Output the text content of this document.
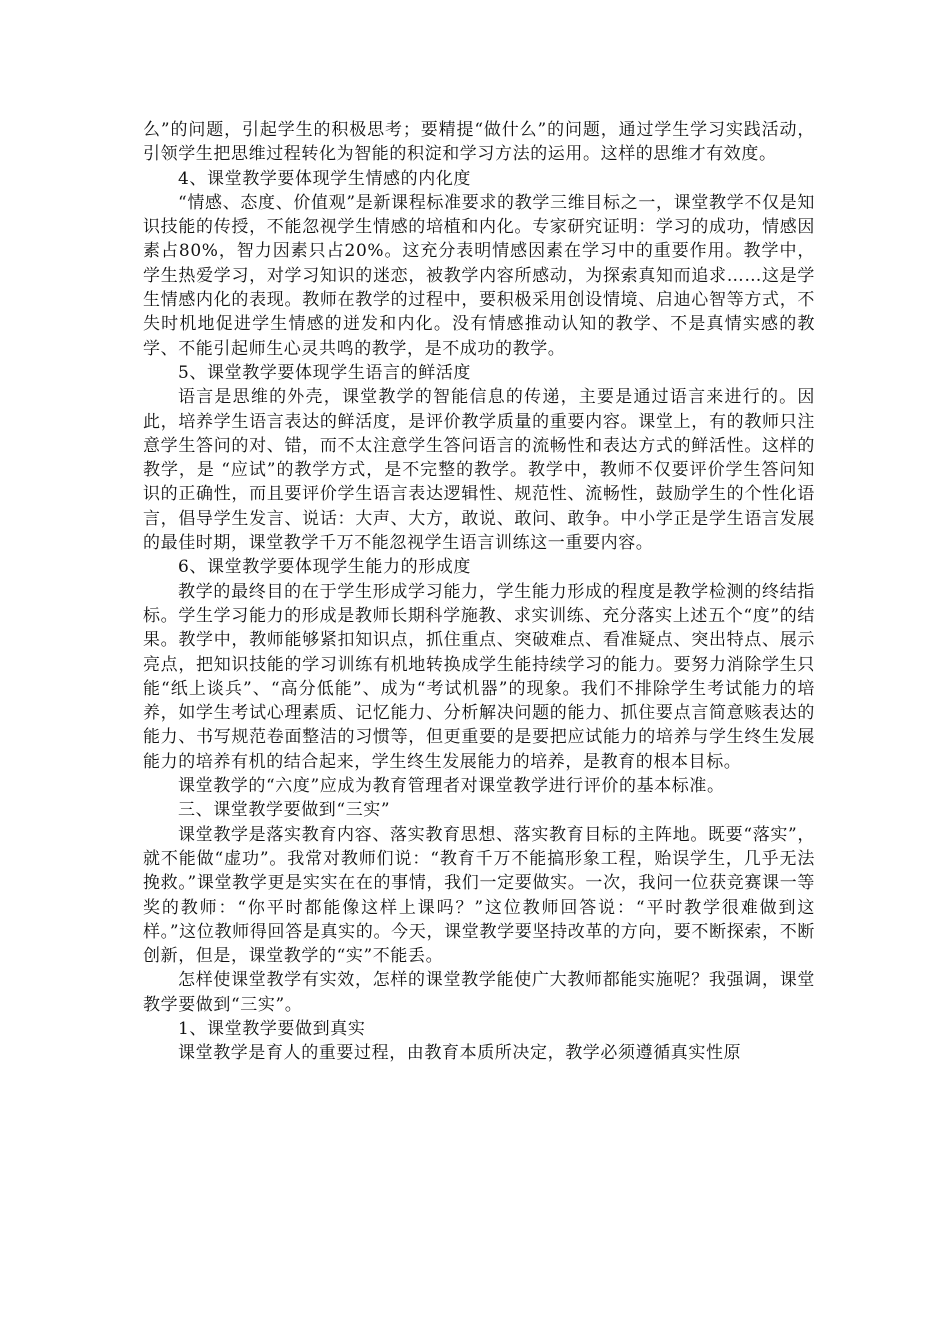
么”的问题，引起学生的积极思考；要精提“做什么”的问题，通过学生学习实践活动，引领学生把思维过程转化为智能的积淀和学习方法的运用。这样的思维才有效度。

4、课堂教学要体现学生情感的内化度

“情感、态度、价值观”是新课程标准要求的教学三维目标之一，课堂教学不仅是知识技能的传授，不能忽视学生情感的培植和内化。专家研究证明：学习的成功，情感因素占80%，智力因素只占20%。这充分表明情感因素在学习中的重要作用。教学中，学生热爱学习，对学习知识的迷恋，被教学内容所感动，为探索真知而追求……这是学生情感内化的表现。教师在教学的过程中，要积极采用创设情境、启迪心智等方式，不失时机地促进学生情感的迸发和内化。没有情感推动认知的教学、不是真情实感的教学、不能引起师生心灵共鸣的教学，是不成功的教学。

5、课堂教学要体现学生语言的鲜活度

语言是思维的外壳，课堂教学的智能信息的传递，主要是通过语言来进行的。因此，培养学生语言表达的鲜活度，是评价教学质量的重要内容。课堂上，有的教师只注意学生答问的对、错，而不太注意学生答问语言的流畅性和表达方式的鲜活性。这样的教学，是 “应试”的教学方式，是不完整的教学。教学中，教师不仅要评价学生答问知识的正确性，而且要评价学生语言表达逻辑性、规范性、流畅性，鼓励学生的个性化语言，倡导学生发言、说话：大声、大方，敢说、敢问、敢争。中小学正是学生语言发展的最佳时期，课堂教学千万不能忽视学生语言训练这一重要内容。

6、课堂教学要体现学生能力的形成度

教学的最终目的在于学生形成学习能力，学生能力形成的程度是教学检测的终结指标。学生学习能力的形成是教师长期科学施教、求实训练、充分落实上述五个“度”的结果。教学中，教师能够紧扣知识点，抓住重点、突破难点、看准疑点、突出特点、展示亮点，把知识技能的学习训练有机地转换成学生能持续学习的能力。要努力消除学生只能“纸上谈兵”、“高分低能”、成为“考试机器”的现象。我们不排除学生考试能力的培养，如学生考试心理素质、记忆能力、分析解决问题的能力、抓住要点言简意赅表达的能力、书写规范卷面整洁的习惯等，但更重要的是要把应试能力的培养与学生终生发展能力的培养有机的结合起来，学生终生发展能力的培养，是教育的根本目标。

课堂教学的“六度”应成为教育管理者对课堂教学进行评价的基本标准。

三、课堂教学要做到“三实”

课堂教学是落实教育内容、落实教育思想、落实教育目标的主阵地。既要“落实”，就不能做“虚功”。我常对教师们说：“教育千万不能搞形象工程，贻误学生，几乎无法挽救。”课堂教学更是实实在在的事情，我们一定要做实。一次，我问一位获竞赛课一等奖的教师：“你平时都能像这样上课吗？”这位教师回答说：“平时教学很难做到这样。”这位教师得回答是真实的。今天，课堂教学要坚持改革的方向，要不断探索，不断创新，但是，课堂教学的“实”不能丢。

怎样使课堂教学有实效，怎样的课堂教学能使广大教师都能实施呢？我强调，课堂教学要做到“三实”。

1、课堂教学要做到真实

课堂教学是育人的重要过程，由教育本质所决定，教学必须遵循真实性原
